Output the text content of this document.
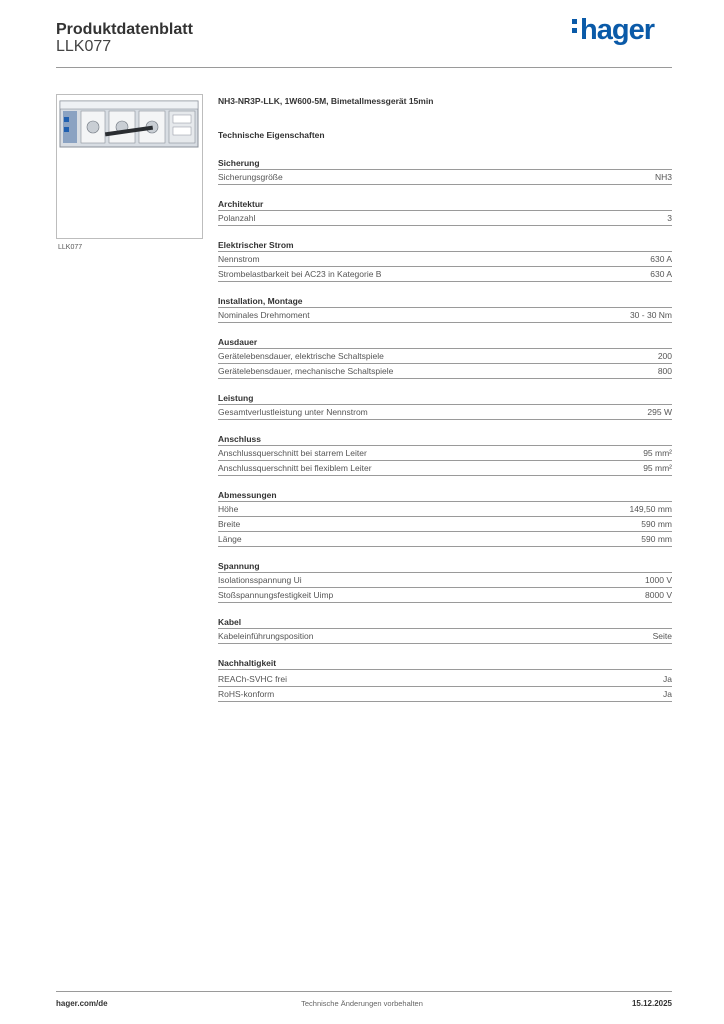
Produktdatenblatt
LLK077
hager
LLK077
NH3-NR3P-LLK, 1W600-5M, Bimetallmessgerät 15min
Technische Eigenschaften
Sicherung
Sicherungsgröße	NH3
Architektur
Polanzahl	3
Elektrischer Strom
Nennstrom	630 A
Strombelastbarkeit bei AC23 in Kategorie B	630 A
Installation, Montage
Nominales Drehmoment	30 - 30 Nm
Ausdauer
Gerätelebensdauer, elektrische Schaltspiele	200
Gerätelebensdauer, mechanische Schaltspiele	800
Leistung
Gesamtverlustleistung unter Nennstrom	295 W
Anschluss
Anschlussquerschnitt bei starrem Leiter	95 mm²
Anschlussquerschnitt bei flexiblem Leiter	95 mm²
Abmessungen
Höhe	149,50 mm
Breite	590 mm
Länge	590 mm
Spannung
Isolationsspannung Ui	1000 V
Stoßspannungsfestigkeit Uimp	8000 V
Kabel
Kabeleinführungsposition	Seite
Nachhaltigkeit
REACh-SVHC frei	Ja
RoHS-konform	Ja
hager.com/de	Technische Änderungen vorbehalten	15.12.2025
